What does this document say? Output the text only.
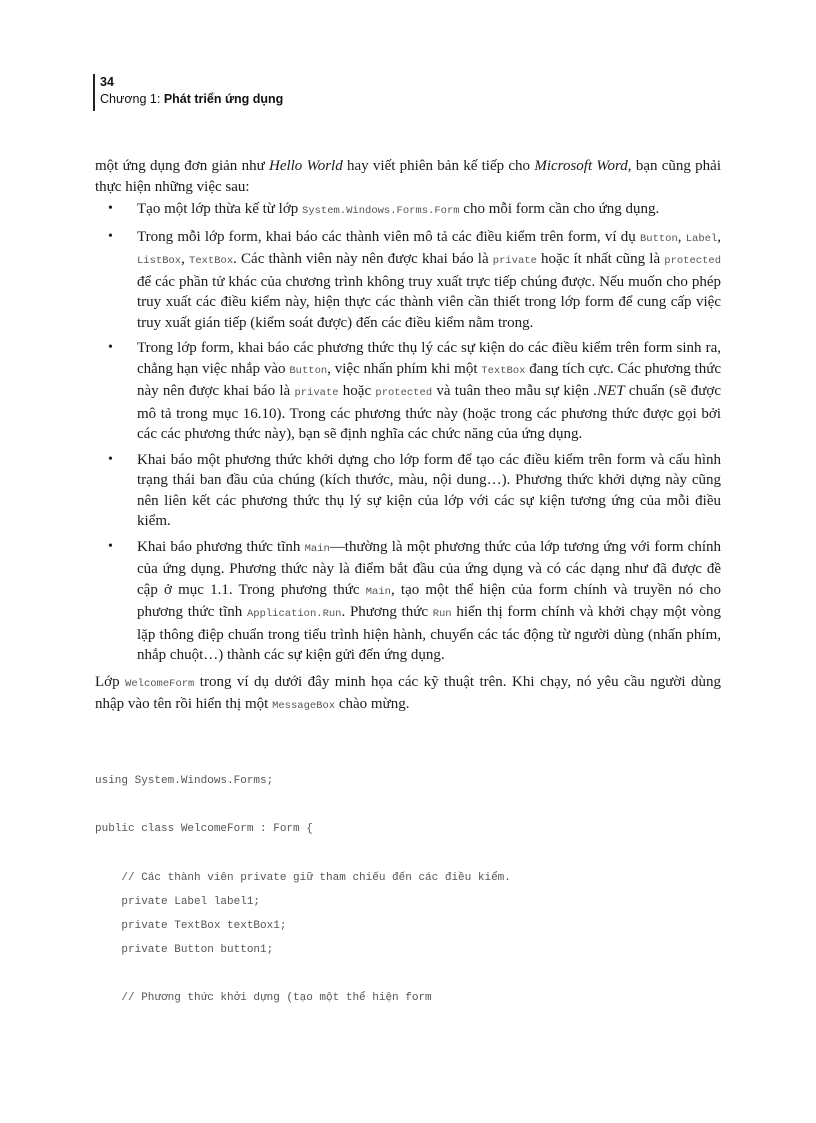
34
Chương 1: Phát triển ứng dụng

một ứng dụng đơn giản như Hello World hay viết phiên bản kế tiếp cho Microsoft Word, bạn cũng phải thực hiện những việc sau:

• Tạo một lớp thừa kế từ lớp System.Windows.Forms.Form cho mỗi form cần cho ứng dụng.
• Trong mỗi lớp form, khai báo các thành viên mô tả các điều kiểm trên form, ví dụ Button, Label, ListBox, TextBox. Các thành viên này nên được khai báo là private hoặc ít nhất cũng là protected để các phần tử khác của chương trình không truy xuất trực tiếp chúng được. Nếu muốn cho phép truy xuất các điều kiểm này, hiện thực các thành viên cần thiết trong lớp form để cung cấp việc truy xuất gián tiếp (kiểm soát được) đến các điều kiểm nằm trong.
• Trong lớp form, khai báo các phương thức thụ lý các sự kiện do các điều kiểm trên form sinh ra, chẳng hạn việc nhắp vào Button, việc nhấn phím khi một TextBox đang tích cực. Các phương thức này nên được khai báo là private hoặc protected và tuân theo mẫu sự kiện .NET chuẩn (sẽ được mô tả trong mục 16.10). Trong các phương thức này (hoặc trong các phương thức được gọi bởi các các phương thức này), bạn sẽ định nghĩa các chức năng của ứng dụng.
• Khai báo một phương thức khởi dựng cho lớp form để tạo các điều kiểm trên form và cấu hình trạng thái ban đầu của chúng (kích thước, màu, nội dung…). Phương thức khởi dựng này cũng nên liên kết các phương thức thụ lý sự kiện của lớp với các sự kiện tương ứng của mỗi điều kiểm.
• Khai báo phương thức tĩnh Main—thường là một phương thức của lớp tương ứng với form chính của ứng dụng. Phương thức này là điểm bắt đầu của ứng dụng và có các dạng như đã được đề cập ở mục 1.1. Trong phương thức Main, tạo một thể hiện của form chính và truyền nó cho phương thức tĩnh Application.Run. Phương thức Run hiển thị form chính và khởi chạy một vòng lặp thông điệp chuẩn trong tiểu trình hiện hành, chuyển các tác động từ người dùng (nhấn phím, nhắp chuột…) thành các sự kiện gửi đến ứng dụng.

Lớp WelcomeForm trong ví dụ dưới đây minh họa các kỹ thuật trên. Khi chạy, nó yêu cầu người dùng nhập vào tên rồi hiển thị một MessageBox chào mừng.

using System.Windows.Forms;
public class WelcomeForm : Form {
// Các thành viên private giữ tham chiếu đến các điều kiểm.
private Label label1;
private TextBox textBox1;
private Button button1;
// Phương thức khởi dựng (tạo một thể hiện form
